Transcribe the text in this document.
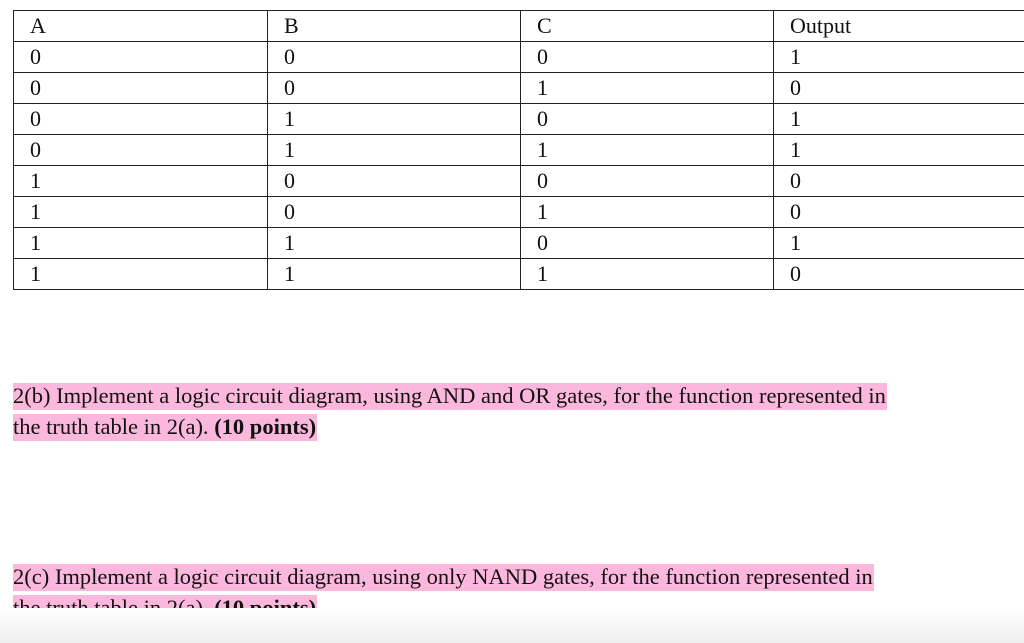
A	B	C	Output
0	0	0	1
0	0	1	0
0	1	0	1
0	1	1	1
1	0	0	0
1	0	1	0
1	1	0	1
1	1	1	0
2(b) Implement a logic circuit diagram, using AND and OR gates, for the function represented in
the truth table in 2(a). (10 points)
2(c) Implement a logic circuit diagram, using only NAND gates, for the function represented in
